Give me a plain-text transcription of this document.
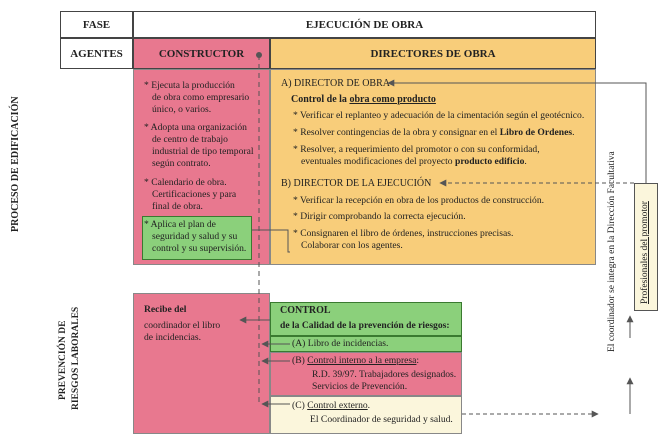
FASE	EJECUCIÓN DE OBRA
AGENTES	CONSTRUCTOR	DIRECTORES DE OBRA
* Ejecuta la producción
de obra como empresario
único, o varios.
* Adopta una organización
de centro de trabajo
industrial de tipo temporal
según contrato.
* Calendario de obra.
Certificaciones y para
final de obra.
* Aplica el plan de
seguridad y salud y su
control y su supervisión.
A) DIRECTOR DE OBRA
Control de la obra como producto
* Verificar el replanteo y adecuación de la cimentación según el geotécnico.
* Resolver contingencias de la obra y consignar en el Libro de Ordenes.
* Resolver, a requerimiento del promotor o con su conformidad,
eventuales modificaciones del proyecto producto edificio.
B) DIRECTOR DE LA EJECUCIÓN
* Verificar la recepción en obra de los productos de construcción.
* Dirigir comprobando la correcta ejecución.
* Consignaren el libro de órdenes, instrucciones precisas.
Colaborar con los agentes.
Recibe del
coordinador el libro
de incidencias.
CONTROL
de la Calidad de la prevención de riesgos:
(A) Libro de incidencias.
(B) Control interno a la empresa:
R.D. 39/97. Trabajadores designados.
Servicios de Prevención.
(C) Control externo.
El Coordinador de seguridad y salud.
PROCESO DE EDIFICACIÓN
PREVENCIÓN DE RIESGOS LABORALES
El coordinador se integra en la Dirección Facultativa Profesionales del promotor
